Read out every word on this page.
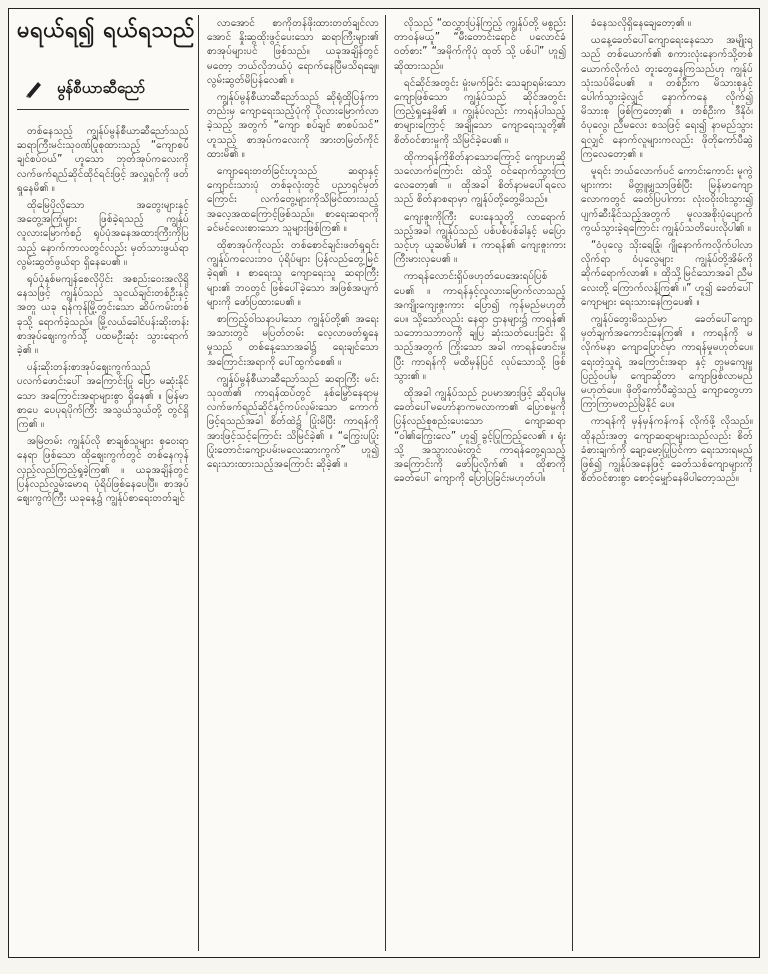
မရယ်ရ၍ ရယ်ရသည်
မွန်စီယာဆီညော်

တစ်နေသည့် ကျွန်ုပ်မွန်စီယာဆီညော်သည် ဆရာကြီးမင်းသုဝဏ်ပြုစုထားသည့် “ကျောစပ်ချင်စပ်ဝယ်” ဟူသော ဘုတ်အုပ်ကလေးကို လက်ဖက်ရည်ဆိုင်ထိုင်ရင်းဖြင့် အလှူရှင်ကို ဖတ်ရှုနေမိ၏ ။

ထိုမြေပိုလိုသော အတွေးများနှင့် အတွေ့အကြုံများ ဖြစ်ခဲ့ရသည့် ကျွန်ုပ်လူလားမြောက်စဉ် ရုပ်ပုံအနေအထားကြီးကိုပြသည့် နောက်ကာလတွင်လည်း မှတ်သားဖွယ်ရာ လွမ်းဆွတ်ဖွယ်ရာ ရှိနေပေ၏ ။

ရုပ်ပုံနှစ်မကျန်စေလိုပိုင်း အစည်းဝေးအလိုရှိနေသဖြင့် ကျွန်ုပ်သည် သူငယ်ချင်းတစ်ဦးနှင့် အတူ ယခု ရန်ကုန်မြို့တွင်းသော ဆိပ်ကမ်းတစ်ခုသို့ ရောက်ခဲ့သည်။ မြို့လယ်ခေါင်ပန်းဆိုးတန်း စာအုပ်ဈေးကွက်သို့ ပထမဦးဆုံး သွားရောက်ခဲ့၏ ။

ပန်းဆိုးတန်းစာအုပ်ဈေးကွက်သည် ပလက်ဖောင်းပေါ် အကြောင်းပြု ပြော မဆုံးနိုင်သော အကြောင်းအရာများစွာ ရှိနေ၏ ။ မြန်မာစာပေ ပေပုရပိုက်ကြီး အသွယ်သွယ်တို့ တွင်ရှိကြ၏ ။

အမြဲတမ်း ကျွန်ုပ်လို စာချစ်သူများ စုဝေးရာ နေရာ ဖြစ်သော ထိုဈေးကွက်တွင် တစ်နေကုန် လှည့်လည်ကြည့်ရှုခဲ့ကြ၏ ။ ယခုအချိန်တွင် ပြန်လည်လွမ်းမောရ ပုံရိပ်ဖြစ်နေပေပြီ။ စာအုပ်ဈေးကွက်ကြီး ယခုနေ့၌ ကျွန်ုပ်စာရေးတတ်ချင်

လာအောင် စာကိုတန်ဖိုးထားတတ်ချင်လာအောင် နှိုးဆွထိုးဖွင့်ပေးသော ဆရာကြီးများ၏ စာအုပ်များပင် ဖြစ်သည်။ ယခုအချိန်တွင် မတော့ ဘယ်လိုဘယ်ပုံ ရောက်နေပြီမသိရချေ။ လွမ်းဆွတ်မိပြန်လေ၏ ။

ကျွန်ုပ်မွန်စီယာဆီညော်သည် ဆိုရုံထိုပြန်ကာ တည်းမှ ကျောရေးသည့်ပုံကို ပိုလားမြောက်လာခဲ့သည့် အတွက် “ကျော စပ်ချင် စာစပ်သင်” ဟူသည့် စာအုပ်ကလေးကို အားတမြတ်ကိုင်ထားမိ၏ ။

ကျောရေးတတ်ခြင်းဟူသည် ဆရာနှင့်ကျောင်းသားပုံ တစ်ခုလုံးတွင် ပညာရှင်မှတ်ကြောင်း လက်တွေ့များကိုသိမြင်ထားသည့်အလေ့အထကြောင့်ဖြစ်သည်။ စာရေးဆရာကို ခင်မင်လေးစားသော သူများဖြစ်ကြ၏ ။

ထိုစာအုပ်ကိုလည်း တစ်စောင်ချင်းဖတ်ရှုရင်း ကျွန်ုပ်ကလေးဘဝ ပုံရိပ်များ ပြန်လည်တွေ့မြင်ခဲ့ရ၏ ။ စာရေးသူ ကျောရေးသူ ဆရာကြီးများ၏ ဘဝတွင် ဖြစ်ပေါ်ခဲ့သော အဖြစ်အပျက်များကို ဖော်ပြထားပေ၏ ။

စာကြည့်ဝါသနာပါသော ကျွန်ုပ်တို့၏ အရေးအသားတွင် မပြတ်တမ်း လေ့လာဖတ်ရှုနေမှုသည် တစ်နေ့သောအခါ၌ ရေးချင်သော အကြောင်းအရာကို ပေါ်ထွက်စေ၏ ။

ကျွန်ုပ်မွန်စီယာဆီညော်သည် ဆရာကြီး မင်းသုဝဏ်၏ ကာရန်ထပ်တွင် နှစ်မြှော်နေရာမှ လက်ဖက်ရည်ဆိုင်နှင့်ကပ်လှမ်းသော ကောက်ဖြင့်ရသည်အခါ စိတ်ထဲ၌ ပြုံးမိပြီး ကာရန်ကို အားဖြင့်သင့်ကြောင်း သိမြင်ခဲ့၏ ။ “ကြွေးပပြုံးပြုံးတောင်းကျော့ပမ်းမလေးဆားကွက်” ဟူ၍ ရေးသားထားသည့်အကြောင်း ဆိုခဲ့၏ ။

လိုသည် “ထလွှားပြန်ကြည့် ကျွန်ုပ်တို့ မစွည်း တာဝန်မယူ” “မီးတောင်းရောင် ပလောင်ခံ ဝတ်စား” “အမိုက်ကိုပုံ ထုတ် သို့ ပစ်ပါ” ဟူ၍ ဆိုထားသည်။

ရင်ဆိုင်အတွင်း မှုံးမက်ခြင်း သေချာရမ်းသော ကျောဖြစ်သော ကျွန်ုပ်သည် ဆိုင်အတွင်း ကြည့်ရှုနေမိ၏ ။ ကျွန်ုပ်လည်း ကာရန်ပါသည့် စာများကြောင့် အချိုသော ကျောရေးသူတို့၏ စိတ်ဝင်စားမှုကို သိမြင်ခဲ့ပေ၏ ။

ထိုကာရန်ကိုစိတ်နာသောကြောင့် ကျောဟုဆိုသလောက်ကြောင်း ထဲသို့ ဝင်ရောက်သွားကြလေတော့၏ ။ ထိုအခါ စိတ်နာမပေါ်ရလေ သည် စိတ်နာစရာမှာ ကျွန်ုပ်တို့တွေ့မိသည်။

ကျေးဇူးကိုကြီး ပေးနေသူတို့ လာရောက်သည့်အခါ ကျွန်ုပ်သည် ပစ်ပစ်ပစ်ခါနှင့် မပြောသင့်ဟု ယူဆမိပါ၏ ။ ကာရန်၏ ကျေးဇူးကား ကြီးမားလှပေ၏ ။

ကာရန်လောင်းရှိပ်ဖဟုတ်ပေအေးရပ်ပြစ်ပေ၏ ။ ကာရန်နှင့်လူလားမြောက်လာသည့် အကျိုးကျေးဇူးကား ပြော၍ ကုန်မည်မဟုတ်ပေ။ သို့သော်လည်း နေရာ ဌာနများ၌ ကာရန်၏ သဘောသဘာဝကို ချပြ ဆုံးသတ်ပေးခြင်း ရှိသည့်အတွက် ကြိုးသော အခါ ကာရန်ဖောင်းမှုပြီး ကာရန်ကို မထိမှန်ပြင် လုပ်သောသို့ ဖြစ်သွား၏ ။

ထိုအခါ ကျွန်ုပ်သည် ဥပမာအားဖြင့် ဆိုရပါမူ ခေတ်ပေါ်မဟော်နာကမလာကာ၏ ပြောစမှုကို ပြန်လည်စုစည်းပေးသော ကျောဆရာ “ဝါ၏ကြွေးလေ” ဟူ၍ ခွင့်ပြုကြည့်လေ၏ ။ ရုံးသို့ အသွားလမ်းတွင် ကာရန်တွေ့ရသည့်အကြောင်းကို ဖော်ပြလိုက်၏ ။ ထိုစာကို ခေတ်ပေါ် ကျောကို ပြောပြခြင်းမဟုတ်ပါ။

ခံနေသလိုရှိနေချေတော့၏ ။

ယနေ့ခေတ်ပေါ်ကျောရေးနေသော အမျိုးရသည် တစ်ယောက်၏ စကားလုံးနောက်သို့တစ်ယောက်လိုက်လံ တူးတွေနေကြသည်ဟု ကျွန်ုပ်သုံးသပ်မိပေ၏ ။ တစ်ဦးက မိသားစုနှင့် ပေါက်သွားခဲ့လျှင် နောက်ကနေ လိုက်၍ မိသားစု ဖြစ်ကြတော့၏ ။ တစ်ဦးက ဒီနိုဝံ၊ ဝံပုလွေ၊ ညီမလေး စသဖြင့် ရေး၍ နာမည်သွားရလျှင် နောက်လူများကလည်း ဖိုတိုကော်ပီဆွဲကြလေတော့၏ ။

မူရင်း ဘယ်လောက်ပင် ကောင်းကောင်း မူကွဲများကား မိတ္တူမျှသာဖြစ်ပြီး မြန်မာကျောလောကတွင် ခေတ်ပြပါကား လုံးဝဝိုးဝါးသွား၍ ပျက်ဆီးနိုင်သည့်အတွက် မူလအစိုးပုံပျောက်ကွယ်သွားခဲ့ရကြောင်း ကျွန်ုပ်သတိပေးလိုပါ၏ ။

“ဝံပုလွေ သိုးရေခြုံ၊ ဂျိုနောက်ကလိုက်ပါလာလိုက်ရာ ဝံပုလွေများ ကျွန်ုပ်တို့အိမ်ကိုဆိုက်ရောက်လာ၏ ။ ထိုသို့မြင်သောအခါ ညီမလေးတို့ ကြောက်လန့်ကြ၏ ။” ဟူ၍ ခေတ်ပေါ်ကျောများ ရေးသားနေကြပေ၏ ။

ကျွန်ုပ်တွေးမိသည်မှာ ခေတ်ပေါ်ကျောမှတ်ချက်အကောင်းနေကြ၏ ။ ကာရန်ကို မလိုက်မနာ ကျောပြောင်မှာ ကာရန်မှုမဟုတ်ပေ။ ရေးတဲ့သူရဲ့ အကြောင်းအရာ နှင့် တူမကျေမှုပြည့်ဝပါမှ ကျောဆိုတာ ကျောဖြစ်လာမည် မဟုတ်ပေ။ ဖိုတိုကော်ပီဆွဲသည့် ကျောတွေဟာ ကြာကြာမတည်မြဲနိုင် ပေ။

ကာရန်ကို မှန်မှန်ကန်ကန် လိုက်ဖို့ လိုသည်။ ထိုနည်းအတူ ကျောဆရာများသည်လည်း စိတ်ခံစားချက်ကို ချော့မော့ပြုပြင်ကာ ရေးသားရမည် ဖြစ်၍ ကျွန်ုပ်အနေဖြင့် ခေတ်သစ်ကျောများကို စိတ်ဝင်စားစွာ စောင့်မျှော်နေမိပါတော့သည်။
